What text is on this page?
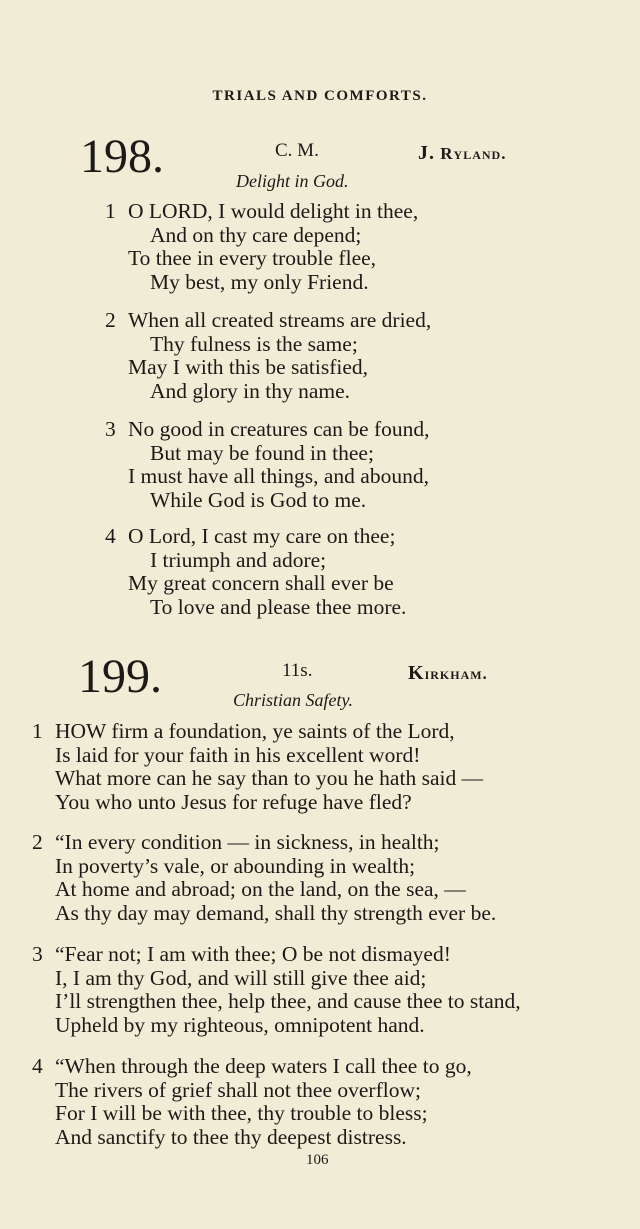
TRIALS AND COMFORTS.
198.	C. M.	J. Ryland.
Delight in God.
1 O LORD, I would delight in thee,
And on thy care depend;
To thee in every trouble flee,
My best, my only Friend.
2 When all created streams are dried,
Thy fulness is the same;
May I with this be satisfied,
And glory in thy name.
3 No good in creatures can be found,
But may be found in thee;
I must have all things, and abound,
While God is God to me.
4 O Lord, I cast my care on thee;
I triumph and adore;
My great concern shall ever be
To love and please thee more.
199.	11s.	Kirkham.
Christian Safety.
1 HOW firm a foundation, ye saints of the Lord,
Is laid for your faith in his excellent word!
What more can he say than to you he hath said —
You who unto Jesus for refuge have fled?
2 “In every condition — in sickness, in health;
In poverty’s vale, or abounding in wealth;
At home and abroad; on the land, on the sea, —
As thy day may demand, shall thy strength ever be.
3 “Fear not; I am with thee; O be not dismayed!
I, I am thy God, and will still give thee aid;
I’ll strengthen thee, help thee, and cause thee to stand,
Upheld by my righteous, omnipotent hand.
4 “When through the deep waters I call thee to go,
The rivers of grief shall not thee overflow;
For I will be with thee, thy trouble to bless;
And sanctify to thee thy deepest distress.
106
